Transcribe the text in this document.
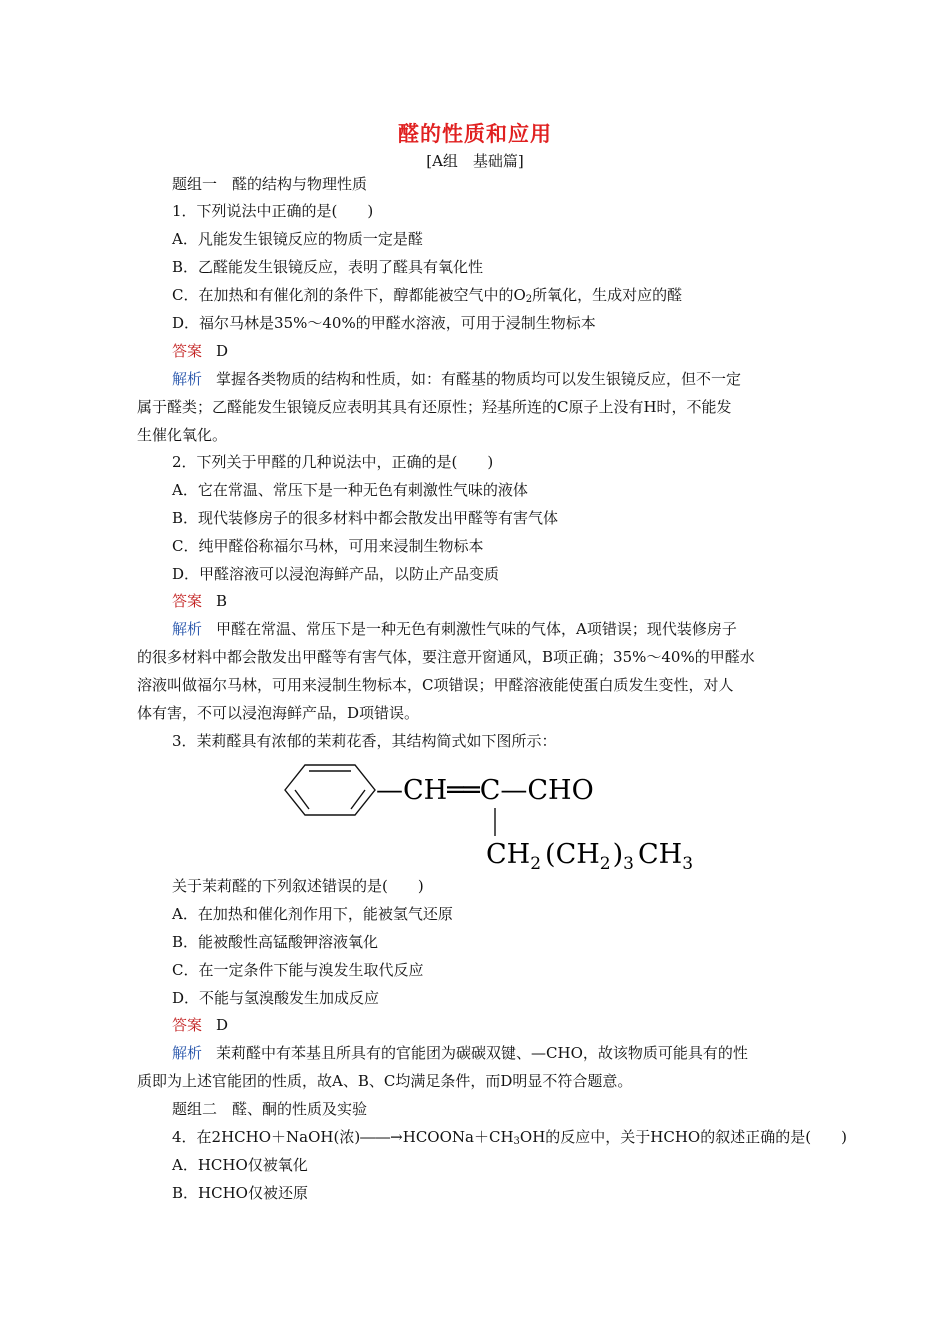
醛的性质和应用
[A组　基础篇]
题组一　醛的结构与物理性质
1．下列说法中正确的是(　　)
A．凡能发生银镜反应的物质一定是醛
B．乙醛能发生银镜反应，表明了醛具有氧化性
C．在加热和有催化剂的条件下，醇都能被空气中的O2所氧化，生成对应的醛
D．福尔马林是35%～40%的甲醛水溶液，可用于浸制生物标本
答案 D
解析 掌握各类物质的结构和性质，如：有醛基的物质均可以发生银镜反应，但不一定
属于醛类；乙醛能发生银镜反应表明其具有还原性；羟基所连的C原子上没有H时，不能发
生催化氧化。
2．下列关于甲醛的几种说法中，正确的是(　　)
A．它在常温、常压下是一种无色有刺激性气味的液体
B．现代装修房子的很多材料中都会散发出甲醛等有害气体
C．纯甲醛俗称福尔马林，可用来浸制生物标本
D．甲醛溶液可以浸泡海鲜产品，以防止产品变质
答案 B
解析 甲醛在常温、常压下是一种无色有刺激性气味的气体，A项错误；现代装修房子
的很多材料中都会散发出甲醛等有害气体，要注意开窗通风，B项正确；35%～40%的甲醛水
溶液叫做福尔马林，可用来浸制生物标本，C项错误；甲醛溶液能使蛋白质发生变性，对人
体有害，不可以浸泡海鲜产品，D项错误。
3．茉莉醛具有浓郁的茉莉花香，其结构简式如下图所示：
—CH══C—CHO
$CH_2$ $(CH_2)_3$ $CH_3$
关于茉莉醛的下列叙述错误的是(　　)
A．在加热和催化剂作用下，能被氢气还原
B．能被酸性高锰酸钾溶液氧化
C．在一定条件下能与溴发生取代反应
D．不能与氢溴酸发生加成反应
答案 D
解析 茉莉醛中有苯基且所具有的官能团为碳碳双键、—CHO，故该物质可能具有的性
质即为上述官能团的性质，故A、B、C均满足条件，而D明显不符合题意。
题组二　醛、酮的性质及实验
4．在2HCHO＋NaOH(浓)――→HCOONa＋CH3OH的反应中，关于HCHO的叙述正确的是(　　)
A．HCHO仅被氧化
B．HCHO仅被还原
